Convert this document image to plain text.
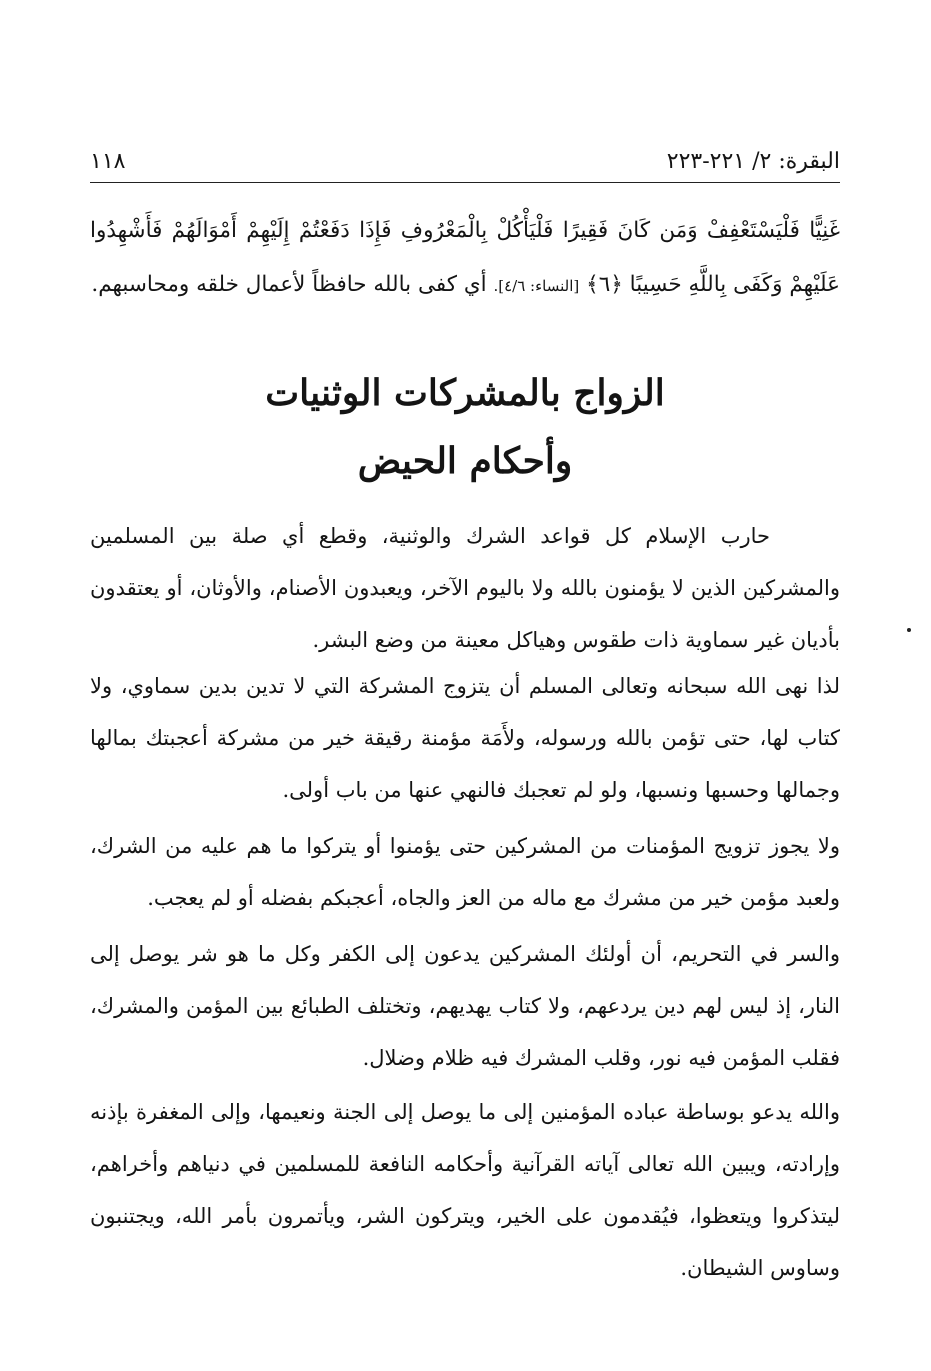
البقرة: ٢/ ٢٢١-٢٢٣
١١٨
غَنِيًّا فَلْيَسْتَعْفِفْ وَمَن كَانَ فَقِيرًا فَلْيَأْكُلْ بِالْمَعْرُوفِ فَإِذَا دَفَعْتُمْ إِلَيْهِمْ أَمْوَالَهُمْ فَأَشْهِدُوا عَلَيْهِمْ وَكَفَى بِاللَّهِ حَسِيبًا ﴿٦﴾ [النساء: ٤/٦]. أي كفى بالله حافظاً لأعمال خلقه ومحاسبهم.
الزواج بالمشركات الوثنيات
وأحكام الحيض

حارب الإسلام كل قواعد الشرك والوثنية، وقطع أي صلة بين المسلمين والمشركين الذين لا يؤمنون بالله ولا باليوم الآخر، ويعبدون الأصنام، والأوثان، أو يعتقدون بأديان غير سماوية ذات طقوس وهياكل معينة من وضع البشر.

لذا نهى الله سبحانه وتعالى المسلم أن يتزوج المشركة التي لا تدين بدين سماوي، ولا كتاب لها، حتى تؤمن بالله ورسوله، ولأَمَة مؤمنة رقيقة خير من مشركة أعجبتك بمالها وجمالها وحسبها ونسبها، ولو لم تعجبك فالنهي عنها من باب أولى.

ولا يجوز تزويج المؤمنات من المشركين حتى يؤمنوا أو يتركوا ما هم عليه من الشرك، ولعبد مؤمن خير من مشرك مع ماله من العز والجاه، أعجبكم بفضله أو لم يعجب.

والسر في التحريم، أن أولئك المشركين يدعون إلى الكفر وكل ما هو شر يوصل إلى النار، إذ ليس لهم دين يردعهم، ولا كتاب يهديهم، وتختلف الطبائع بين المؤمن والمشرك، فقلب المؤمن فيه نور، وقلب المشرك فيه ظلام وضلال.

والله يدعو بوساطة عباده المؤمنين إلى ما يوصل إلى الجنة ونعيمها، وإلى المغفرة بإذنه وإرادته، ويبين الله تعالى آياته القرآنية وأحكامه النافعة للمسلمين في دنياهم وأخراهم، ليتذكروا ويتعظوا، فيُقدمون على الخير، ويتركون الشر، ويأتمرون بأمر الله، ويجتنبون وساوس الشيطان.
